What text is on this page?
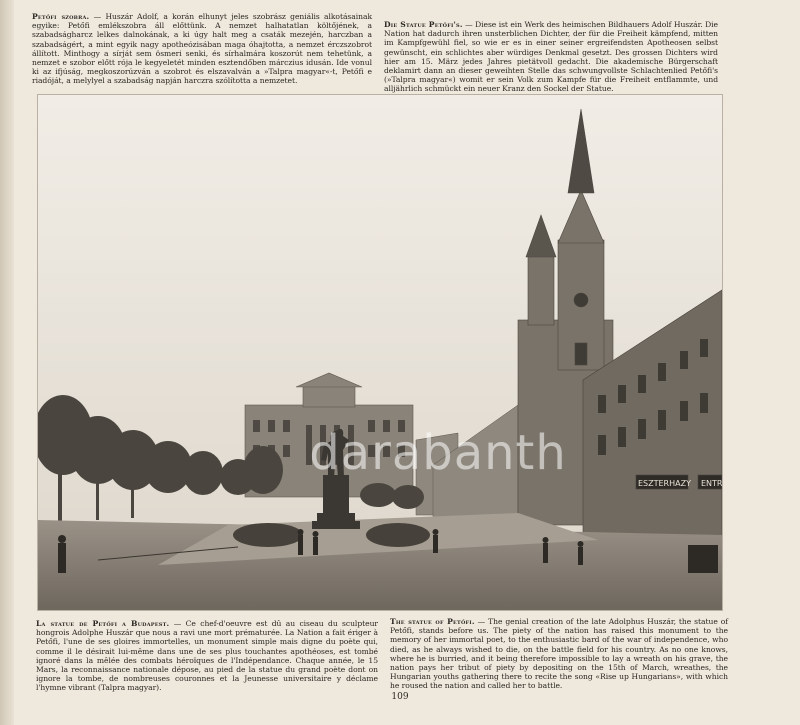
Petőfi szobra. — Huszár Adolf, a korán elhunyt jeles szobrász geniális alkotásainak egyike: Petőfi emlékszobra áll előttünk. A nemzet halhatatlan költőjének, a szabadságharcz lelkes dalnokának, a ki úgy halt meg a csaták mezején, harczban a szabadságért, a mint egyik nagy apotheózisában maga óhajtotta, a nemzet érczszobrot állított. Minthogy a sírját sem ösmeri senki, és sírhalmára koszorút nem tehetünk, a nemzet e szobor előtt rója le kegyeletét minden esztendőben márczius idusán. Ide vonul ki az ifjúság, megkoszorúzván a szobrot és elszavalván a »Talpra magyar«-t, Petőfi e riadóját, a melylyel a szabadság napján harczra szólította a nemzetet.
Die Statue Petőfi's. — Diese ist ein Werk des heimischen Bildhauers Adolf Huszár. Die Nation hat dadurch ihren unsterblichen Dichter, der für die Freiheit kämpfend, mitten im Kampfgewühl fiel, so wie er es in einer seiner ergreifendsten Apotheosen selbst gewünscht, ein schlichtes aber würdiges Denkmal gesetzt. Des grossen Dichters wird hier am 15. März jedes Jahres pietätvoll gedacht. Die akademische Bürgerschaft deklamirt dann an dieser geweihten Stelle das schwungvollste Schlachtenlied Petőfi's (»Talpra magyar«) womit er sein Volk zum Kampfe für die Freiheit entflammte, und alljährlich schmückt ein neuer Kranz den Sockel der Statue.
ESZTERHAZY ENTR
darabanth
La statue de Petőfi a Budapest. — Ce chef-d'oeuvre est dû au ciseau du sculpteur hongrois Adolphe Huszár que nous a ravi une mort prématurée. La Nation a fait ériger à Petőfi, l'une de ses gloires immortelles, un monument simple mais digne du poète qui, comme il le désirait lui-même dans une de ses plus touchantes apothéoses, est tombé ignoré dans la mêlée des combats héroïques de l'Indépendance. Chaque année, le 15 Mars, la reconnaissance nationale dépose, au pied de la statue du grand poète dont on ignore la tombe, de nombreuses couronnes et la Jeunesse universitaire y déclame l'hymne vibrant (Talpra magyar).
The statue of Petőfi. — The genial creation of the late Adolphus Huszár, the statue of Petőfi, stands before us. The piety of the nation has raised this monument to the memory of her immortal poet, to the enthusiastic bard of the war of independence, who died, as he always wished to die, on the battle field for his country. As no one knows, where he is burried, and it being therefore impossible to lay a wreath on his grave, the nation pays her tribut of piety by depositing on the 15th of March, wreathes, the Hungarian youths gathering there to recite the song «Rise up Hungarians», with which he roused the nation and called her to battle.
109
